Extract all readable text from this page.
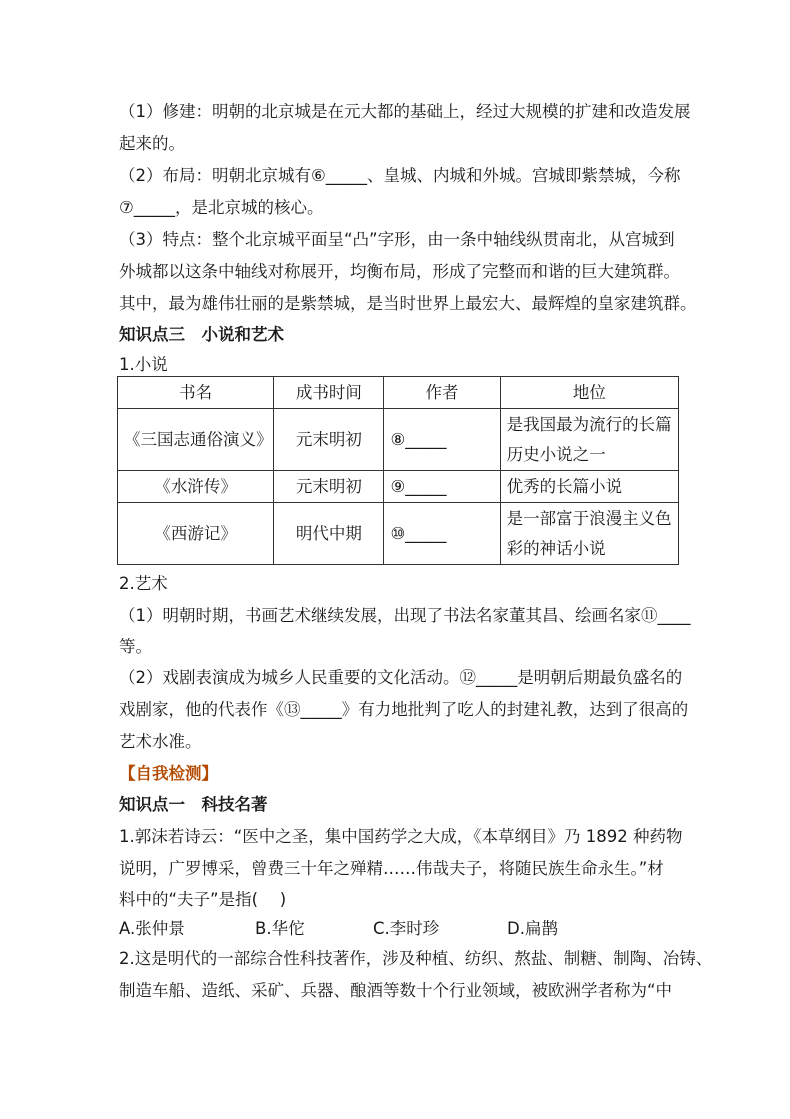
（1）修建：明朝的北京城是在元大都的基础上，经过大规模的扩建和改造发展
起来的。
（2）布局：明朝北京城有⑥_____、皇城、内城和外城。宫城即紫禁城，今称
⑦_____，是北京城的核心。
（3）特点：整个北京城平面呈“凸”字形，由一条中轴线纵贯南北，从宫城到
外城都以这条中轴线对称展开，均衡布局，形成了完整而和谐的巨大建筑群。
其中，最为雄伟壮丽的是紫禁城，是当时世界上最宏大、最辉煌的皇家建筑群。
知识点三　小说和艺术
1.小说
书名	成书时间	作者	地位
《三国志通俗演义》	元末明初	⑧_____	是我国最为流行的长篇
历史小说之一

《水浒传》	元末明初	⑨_____	优秀的长篇小说
《西游记》	明代中期	⑩_____	是一部富于浪漫主义色
彩的神话小说
2.艺术
（1）明朝时期，书画艺术继续发展，出现了书法名家董其昌、绘画名家⑪____
等。
（2）戏剧表演成为城乡人民重要的文化活动。⑫_____是明朝后期最负盛名的
戏剧家，他的代表作《⑬_____》有力地批判了吃人的封建礼教，达到了很高的
艺术水准。
【自我检测】
知识点一　科技名著
1.郭沫若诗云：“医中之圣，集中国药学之大成，《本草纲目》乃 1892 种药物
说明，广罗博采，曾费三十年之殚精……伟哉夫子，将随民族生命永生。”材
料中的“夫子”是指(　 )
A.张仲景	B.华佗	C.李时珍	D.扁鹊
2.这是明代的一部综合性科技著作，涉及种植、纺织、熬盐、制糖、制陶、冶铸、
制造车船、造纸、采矿、兵器、酿酒等数十个行业领域，被欧洲学者称为“中
